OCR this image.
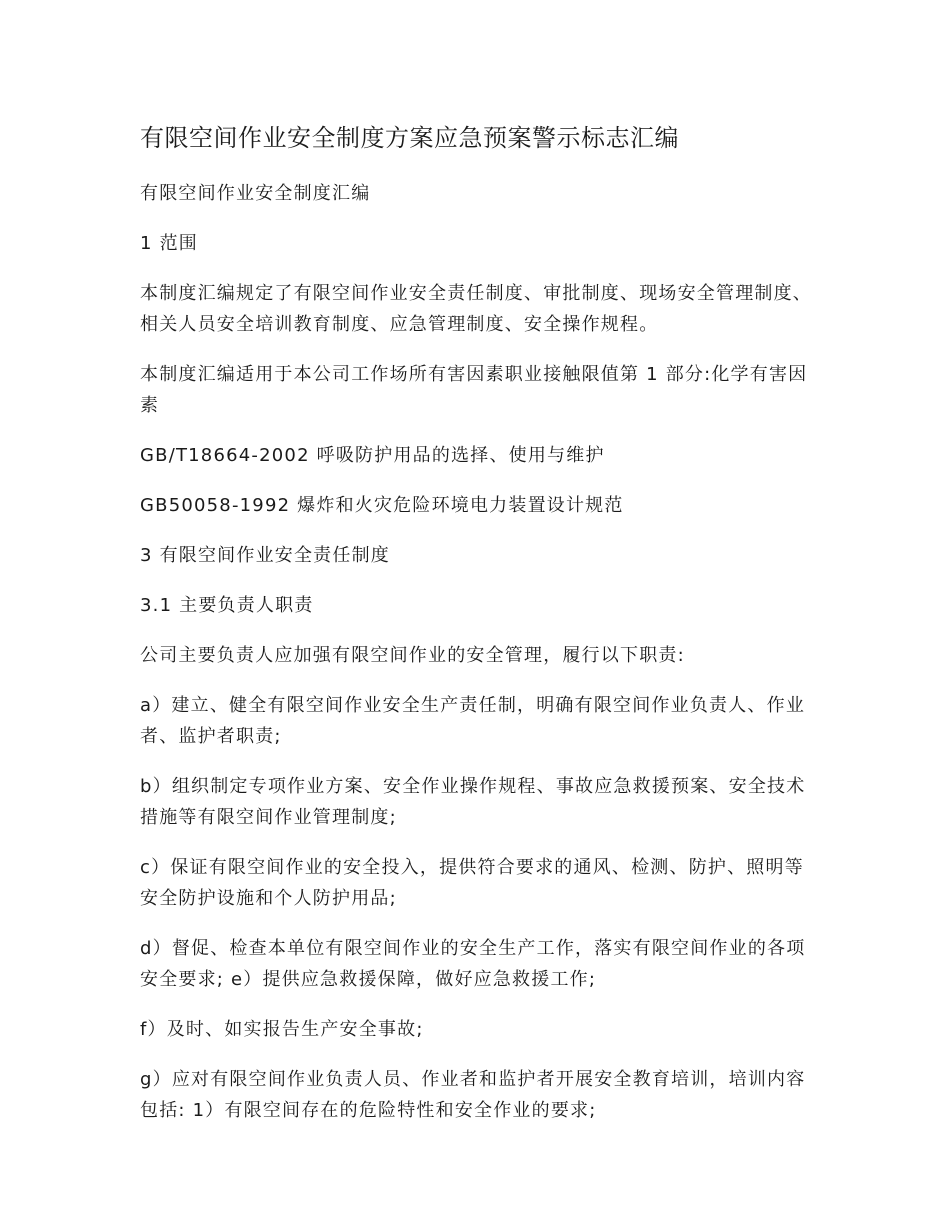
有限空间作业安全制度方案应急预案警示标志汇编

有限空间作业安全制度汇编

1 范围

本制度汇编规定了有限空间作业安全责任制度、审批制度、现场安全管理制度、相关人员安全培训教育制度、应急管理制度、安全操作规程。

本制度汇编适用于本公司工作场所有害因素职业接触限值第 1 部分:化学有害因素

GB/T18664-2002 呼吸防护用品的选择、使用与维护

GB50058-1992 爆炸和火灾危险环境电力装置设计规范

3 有限空间作业安全责任制度

3.1 主要负责人职责

公司主要负责人应加强有限空间作业的安全管理，履行以下职责:

a）建立、健全有限空间作业安全生产责任制，明确有限空间作业负责人、作业者、监护者职责;

b）组织制定专项作业方案、安全作业操作规程、事故应急救援预案、安全技术措施等有限空间作业管理制度;

c）保证有限空间作业的安全投入，提供符合要求的通风、检测、防护、照明等安全防护设施和个人防护用品;

d）督促、检查本单位有限空间作业的安全生产工作，落实有限空间作业的各项安全要求; e）提供应急救援保障，做好应急救援工作;

f）及时、如实报告生产安全事故;

g）应对有限空间作业负责人员、作业者和监护者开展安全教育培训，培训内容包括: 1）有限空间存在的危险特性和安全作业的要求;
